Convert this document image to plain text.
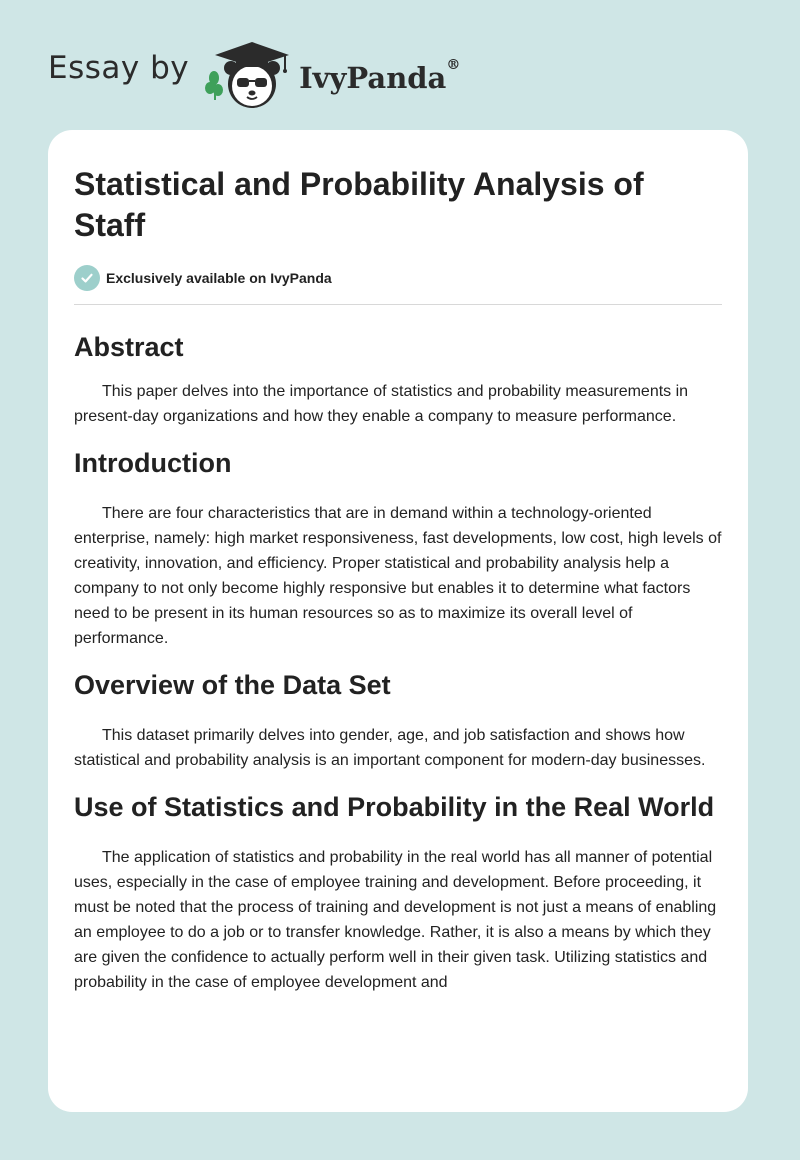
Essay by	IvyPanda®
Statistical and Probability Analysis of Staff
Exclusively available on IvyPanda
Abstract

This paper delves into the importance of statistics and probability measurements in present-day organizations and how they enable a company to measure performance.

Introduction

There are four characteristics that are in demand within a technology-oriented enterprise, namely: high market responsiveness, fast developments, low cost, high levels of creativity, innovation, and efficiency. Proper statistical and probability analysis help a company to not only become highly responsive but enables it to determine what factors need to be present in its human resources so as to maximize its overall level of performance.

Overview of the Data Set

This dataset primarily delves into gender, age, and job satisfaction and shows how statistical and probability analysis is an important component for modern-day businesses.

Use of Statistics and Probability in the Real World

The application of statistics and probability in the real world has all manner of potential uses, especially in the case of employee training and development. Before proceeding, it must be noted that the process of training and development is not just a means of enabling an employee to do a job or to transfer knowledge. Rather, it is also a means by which they are given the confidence to actually perform well in their given task. Utilizing statistics and probability in the case of employee development and
